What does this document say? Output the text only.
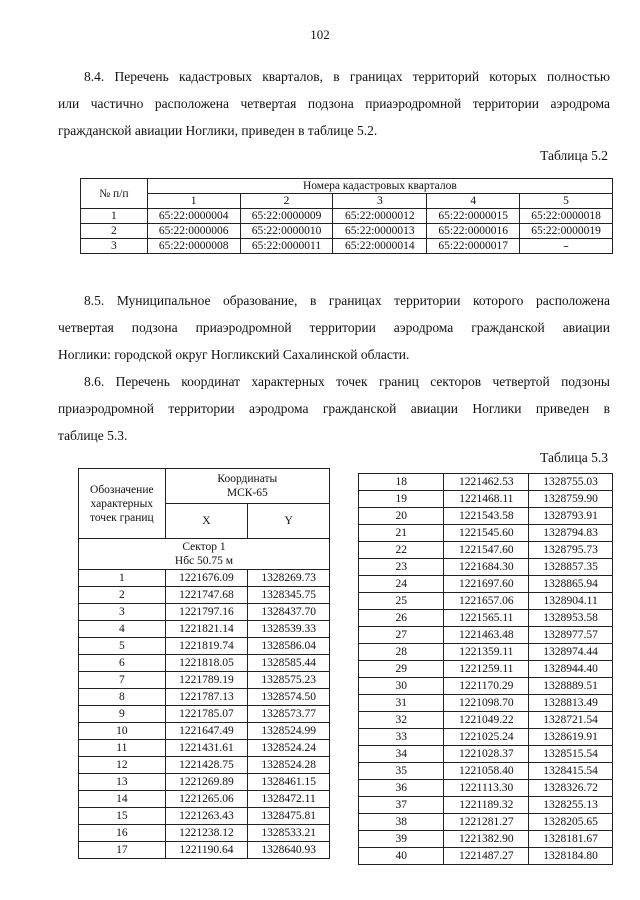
102
8.4. Перечень кадастровых кварталов, в границах территорий которых полностью
или частично расположена четвертая подзона приаэродромной территории аэродрома
гражданской авиации Ноглики, приведен в таблице 5.2.
Таблица 5.2
№ п/п	Номера кадастровых кварталов				
	1	2	3	4	5
1	65:22:0000004	65:22:0000009	65:22:0000012	65:22:0000015	65:22:0000018
2	65:22:0000006	65:22:0000010	65:22:0000013	65:22:0000016	65:22:0000019
3	65:22:0000008	65:22:0000011	65:22:0000014	65:22:0000017	–
8.5. Муниципальное образование, в границах территории которого расположена
четвертая подзона приаэродромной территории аэродрома гражданской авиации
Ноглики: городской округ Ногликский Сахалинской области.
8.6. Перечень координат характерных точек границ секторов четвертой подзоны
приаэродромной территории аэродрома гражданской авиации Ноглики приведен в
таблице 5.3.
Таблица 5.3
Обозначение характерных точек границ	Координаты МСК-65	
	X	Y

Сектор 1
Нбс 50.75 м		

1	1221676.09	1328269.73
2	1221747.68	1328345.75
3	1221797.16	1328437.70
4	1221821.14	1328539.33
5	1221819.74	1328586.04
6	1221818.05	1328585.44
7	1221789.19	1328575.23
8	1221787.13	1328574.50
9	1221785.07	1328573.77
10	1221647.49	1328524.99
11	1221431.61	1328524.24
12	1221428.75	1328524.28
13	1221269.89	1328461.15
14	1221265.06	1328472.11
15	1221263.43	1328475.81
16	1221238.12	1328533.21
17	1221190.64	1328640.93
18	1221462.53	1328755.03
19	1221468.11	1328759.90
20	1221543.58	1328793.91
21	1221545.60	1328794.83
22	1221547.60	1328795.73
23	1221684.30	1328857.35
24	1221697.60	1328865.94
25	1221657.06	1328904.11
26	1221565.11	1328953.58
27	1221463.48	1328977.57
28	1221359.11	1328974.44
29	1221259.11	1328944.40
30	1221170.29	1328889.51
31	1221098.70	1328813.49
32	1221049.22	1328721.54
33	1221025.24	1328619.91
34	1221028.37	1328515.54
35	1221058.40	1328415.54
36	1221113.30	1328326.72
37	1221189.32	1328255.13
38	1221281.27	1328205.65
39	1221382.90	1328181.67
40	1221487.27	1328184.80
